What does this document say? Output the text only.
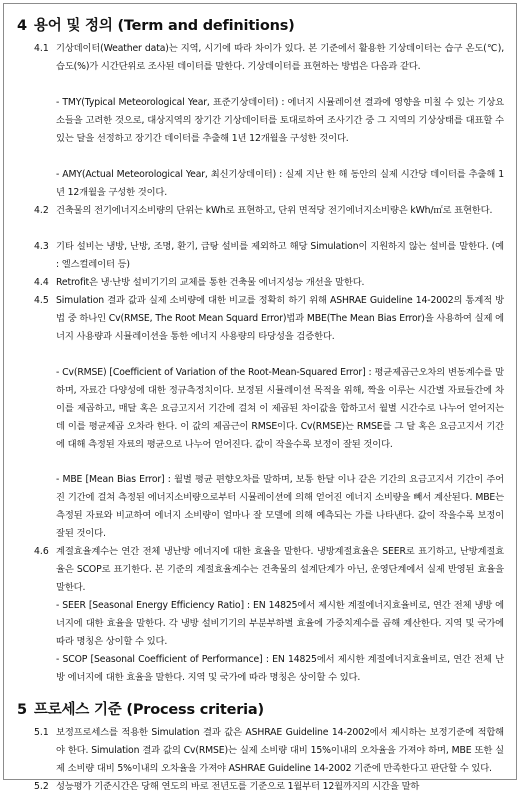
4 용어 및 정의 (Term and definitions)
4.1 기상데이터(Weather data)는 지역, 시기에 따라 차이가 있다. 본 기준에서 활용한 기상데이터는 습구 온도(℃), 습도(%)가 시간단위로 조사된 데이터를 말한다. 기상데이터를 표현하는 방법은 다음과 같다.
- TMY(Typical Meteorological Year, 표준기상데이터) : 에너지 시뮬레이션 결과에 영향을 미칠 수 있는 기상요소들을 고려한 것으로, 대상지역의 장기간 기상데이터를 토대로하여 조사기간 중 그 지역의 기상상태를 대표할 수 있는 달을 선정하고 장기간 데이터를 추출해 1년 12개월을 구성한 것이다.
- AMY(Actual Meteorological Year, 최신기상데이터) : 실제 지난 한 해 동안의 실제 시간당 데이터를 추출해 1년 12개월을 구성한 것이다.
4.2 건축물의 전기에너지소비량의 단위는 kWh로 표현하고, 단위 면적당 전기에너지소비량은 kWh/㎡로 표현한다.
4.3 기타 설비는 냉방, 난방, 조명, 환기, 급탕 설비를 제외하고 해당 Simulation이 지원하지 않는 설비를 말한다. (예 : 엘스컬레이터 등)
4.4 Retrofit은 냉·난방 설비기기의 교체를 통한 건축물 에너지성능 개선을 말한다.
4.5 Simulation 결과 값과 실제 소비량에 대한 비교를 정확히 하기 위해 ASHRAE Guideline 14-2002의 통계적 방법 중 하나인 Cv(RMSE, The Root Mean Squard Error)법과 MBE(The Mean Bias Error)을 사용하여 실제 에너지 사용량과 시뮬레이션을 통한 에너지 사용량의 타당성을 검증한다.
- Cv(RMSE) [Coefficient of Variation of the Root-Mean-Squared Error] : 평균제곱근오차의 변동계수를 말하며, 자료간 다양성에 대한 정규측정치이다. 보정된 시뮬레이션 목적을 위해, 짝을 이루는 시간별 자료들간에 차이를 제곱하고, 매달 혹은 요금고지서 기간에 걸쳐 이 제곱된 차이값을 합하고서 월별 시간수로 나누어 얻어지는데 이를 평균제곱 오차라 한다. 이 값의 제곱근이 RMSE이다. Cv(RMSE)는 RMSE를 그 달 혹은 요금고지서 기간에 대해 측정된 자료의 평균으로 나누어 얻어진다. 값이 작을수록 보정이 잘된 것이다.
- MBE [Mean Bias Error] : 월별 평균 편향오차를 말하며, 보통 한달 이나 같은 기간의 요금고지서 기간이 주어진 기간에 걸쳐 측정된 에너지소비량으로부터 시뮬레이션에 의해 얻어진 에너지 소비량을 빼서 계산된다. MBE는 측정된 자료와 비교하여 에너지 소비량이 얼마나 잘 모델에 의해 예측되는 가를 나타낸다. 값이 작을수록 보정이 잘된 것이다.
4.6 계절효율계수는 연간 전체 냉난방 에너지에 대한 효율을 말한다. 냉방계절효율은 SEER로 표기하고, 난방계절효율은 SCOP로 표기한다. 본 기준의 계절효율계수는 건축물의 설계단계가 아닌, 운영단계에서 실제 반영된 효율을 말한다.
- SEER [Seasonal Energy Efficiency Ratio] : EN 14825에서 제시한 계절에너지효율비로, 연간 전체 냉방 에너지에 대한 효율을 말한다. 각 냉방 설비기기의 부분부하별 효율에 가중치계수를 곱해 계산한다. 지역 및 국가에 따라 명칭은 상이할 수 있다.
- SCOP [Seasonal Coefficient of Performance] : EN 14825에서 제시한 계절에너지효율비로, 연간 전체 난방 에너지에 대한 효율을 말한다. 지역 및 국가에 따라 명칭은 상이할 수 있다.
5 프로세스 기준 (Process criteria)
5.1 보정프로세스를 적용한 Simulation 결과 값은 ASHRAE Guideline 14-2002에서 제시하는 보정기준에 적합해야 한다. Simulation 결과 값의 Cv(RMSE)는 실제 소비량 대비 15%이내의 오차율을 가져야 하며, MBE 또한 실제 소비량 대비 5%이내의 오차율을 가져야 ASHRAE Guideline 14-2002 기준에 만족한다고 판단할 수 있다.
5.2 성능평가 기준시간은 당해 연도의 바로 전년도를 기준으로 1월부터 12월까지의 시간을 말하
